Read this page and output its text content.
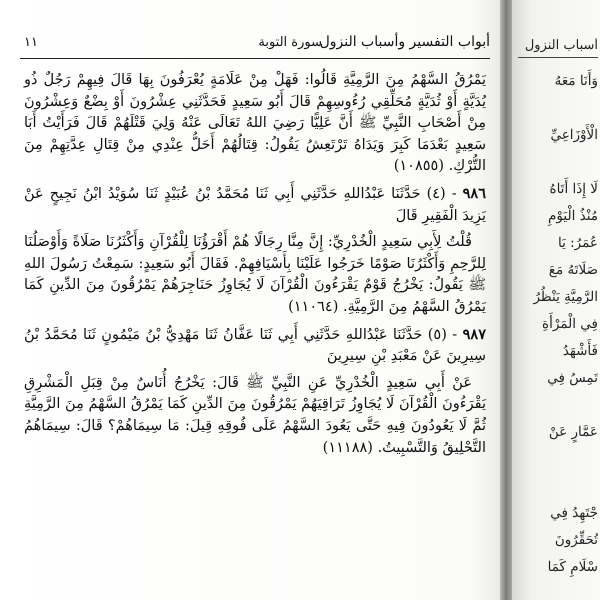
أبواب التفسير وأسباب النزول
سورة التوبة
١١

يَمْرُقُ السَّهْمُ مِنَ الرَّمِيَّةِ قَالُوا: فَهَلْ مِنْ عَلَامَةٍ يُعْرَفُونَ بِهَا قَالَ فِيهِمْ رَجُلٌ ذُو يُدَيَّةٍ أَوْ ثُدَيَّةٍ مُحَلِّقِي رُءُوسِهِمْ قَالَ أَبُو سَعِيدٍ فَحَدَّثَنِي عِشْرُونَ أَوْ بِضْعٌ وَعِشْرُونَ مِنْ أَصْحَابِ النَّبِيِّ ﷺ أَنَّ عَلِيًّا رَضِيَ اللهُ تَعَالَى عَنْهُ وَلِيَ قَتْلَهُمْ قَالَ فَرَأَيْتُ أَبَا سَعِيدٍ بَعْدَمَا كَبِرَ وَيَدَاهُ تَرْتَعِشُ يَقُولُ: قِتَالُهُمْ أَحَلُّ عِنْدِي مِنْ قِتَالِ عِدَّتِهِمْ مِنَ التُّرْكِ. (١٠٨٥٥)

٩٨٦ - (٤) حَدَّثَنَا عَبْدُاللهِ حَدَّثَنِي أَبِي ثَنَا مُحَمَّدُ بْنُ عُبَيْدٍ ثَنَا سُوَيْدُ ابْنُ نَجِيحٍ عَنْ يَزِيدَ الْفَقِيرِ قَالَ

قُلْتُ لِأَبِي سَعِيدٍ الْخُدْرِيِّ: إِنَّ مِنَّا رِجَالًا هُمْ أَقْرَؤُنَا لِلْقُرْآنِ وَأَكْثَرُنَا صَلَاةً وَأَوْصَلُنَا لِلرَّحِمِ وَأَكْثَرُنَا صَوْمًا خَرَجُوا عَلَيْنَا بِأَسْيَافِهِمْ. فَقَالَ أَبُو سَعِيدٍ: سَمِعْتُ رَسُولَ اللهِ ﷺ يَقُولُ: يَخْرُجُ قَوْمٌ يَقْرَءُونَ الْقُرْآنَ لَا يُجَاوِزُ حَنَاجِرَهُمْ يَمْرُقُونَ مِنَ الدِّينِ كَمَا يَمْرُقُ السَّهْمُ مِنَ الرَّمِيَّةِ. (١١٠٦٤)

٩٨٧ - (٥) حَدَّثَنَا عَبْدُاللهِ حَدَّثَنِي أَبِي ثَنَا عَفَّانُ ثَنَا مَهْدِيُّ بْنُ مَيْمُونٍ ثَنَا مُحَمَّدُ بْنُ سِيرِينَ عَنْ مَعْبَدِ بْنِ سِيرِينَ

عَنْ أَبِي سَعِيدٍ الْخُدْرِيِّ عَنِ النَّبِيِّ ﷺ قَالَ: يَخْرُجُ أُنَاسٌ مِنْ قِبَلِ الْمَشْرِقِ يَقْرَءُونَ الْقُرْآنَ لَا يُجَاوِزُ تَرَاقِيَهُمْ يَمْرُقُونَ مِنَ الدِّينِ كَمَا يَمْرُقُ السَّهْمُ مِنَ الرَّمِيَّةِ ثُمَّ لَا يَعُودُونَ فِيهِ حَتَّى يَعُودَ السَّهْمُ عَلَى فُوقِهِ قِيلَ: مَا سِيمَاهُمْ؟ قَالَ: سِيمَاهُمُ التَّحْلِيقُ وَالتَّسْبِيتُ. (١١١٨٨)

أسباب النزول
وَأَنَا مَعَهُ

الْأَوْزَاعِيِّ

لَا إِذَا أَتَاهُ
مُنْذُ الْيَوْمِ
عُمَرُ: يَا
صَلَاتَهُ مَعَ
الرَّمِيَّةِ يَنْظُرُ
فِي الْمَرْأَةِ
فَأَشْهَدُ
تَمِسُ فِي

عَمَّارٍ عَنْ

جْتَهِدُ فِي
تُحَقِّرُونَ
سْلَامِ كَمَا
